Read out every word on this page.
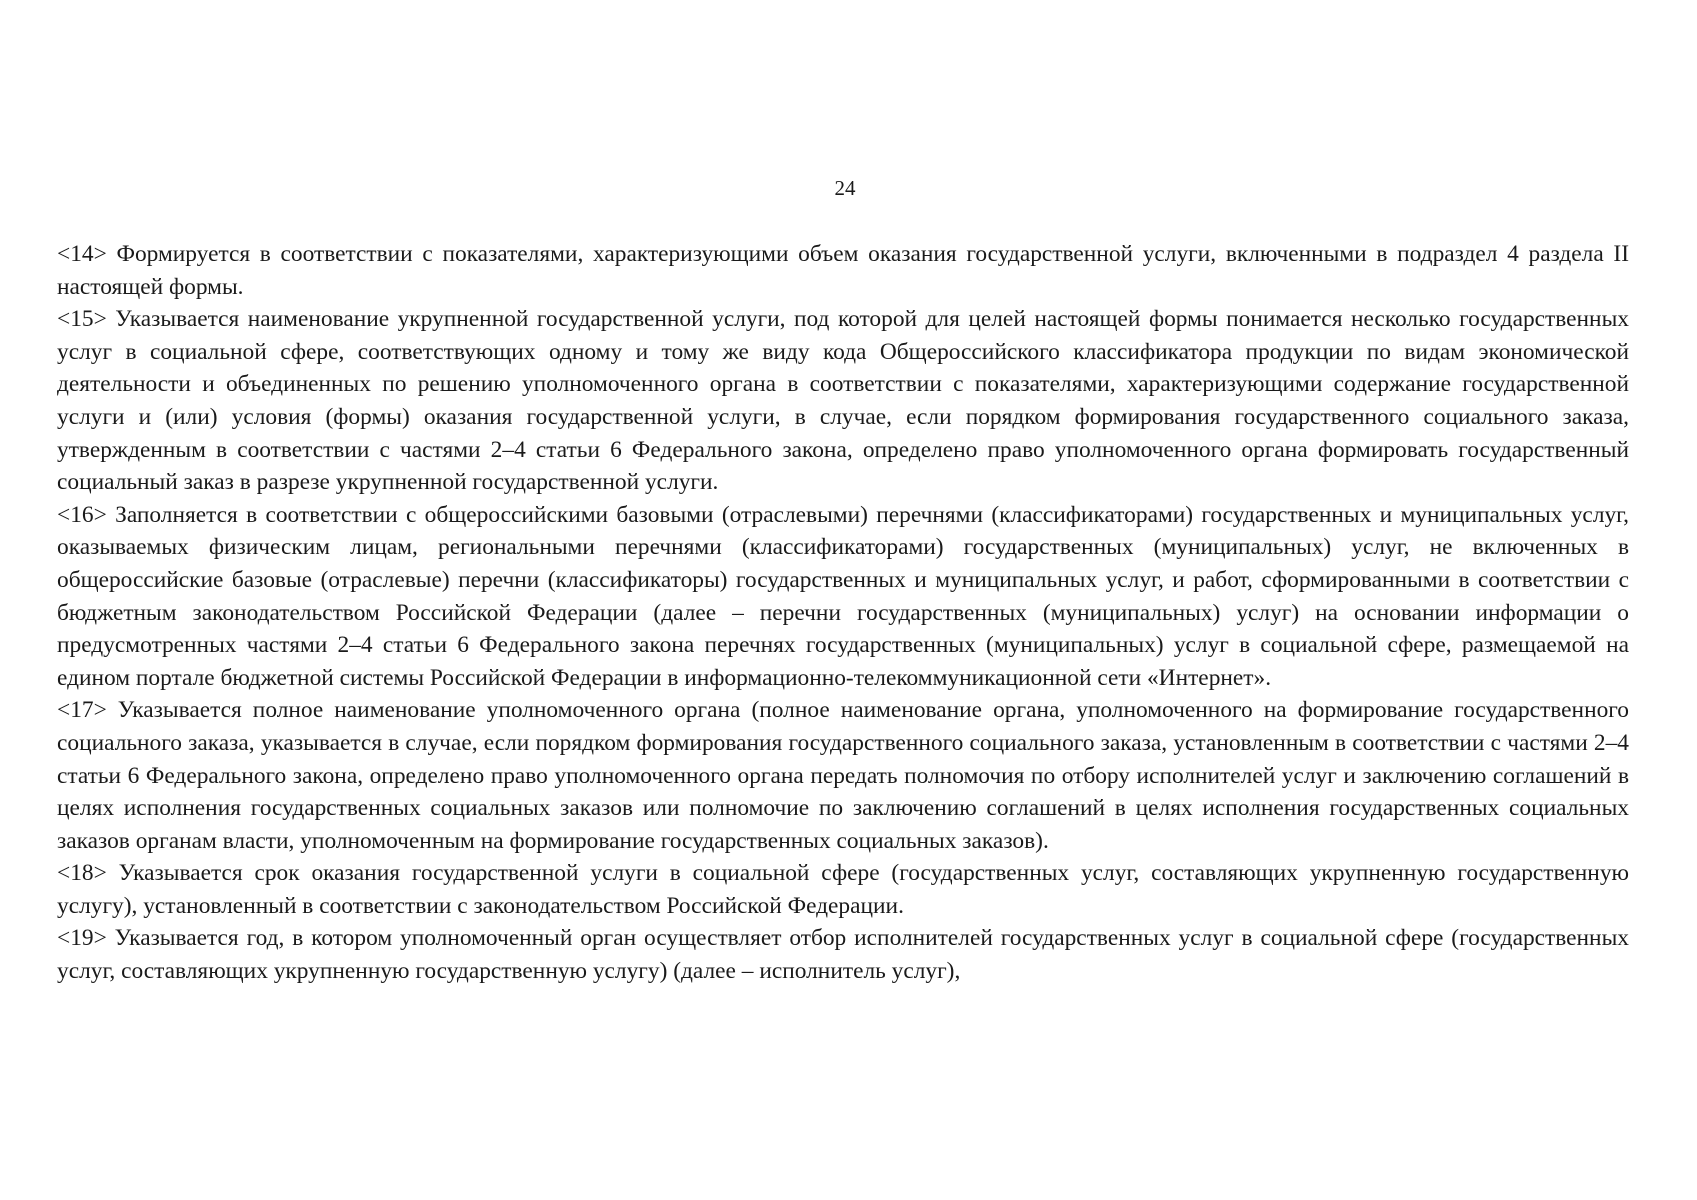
24

<14> Формируется в соответствии с показателями, характеризующими объем оказания государственной услуги, включенными в подраздел 4 раздела II настоящей формы.

<15> Указывается наименование укрупненной государственной услуги, под которой для целей настоящей формы понимается несколько государственных услуг в социальной сфере, соответствующих одному и тому же виду кода Общероссийского классификатора продукции по видам экономической деятельности и объединенных по решению уполномоченного органа в соответствии с показателями, характеризующими содержание государственной услуги и (или) условия (формы) оказания государственной услуги, в случае, если порядком формирования государственного социального заказа, утвержденным в соответствии с частями 2–4 статьи 6 Федерального закона, определено право уполномоченного органа формировать государственный социальный заказ в разрезе укрупненной государственной услуги.

<16> Заполняется в соответствии с общероссийскими базовыми (отраслевыми) перечнями (классификаторами) государственных и муниципальных услуг, оказываемых физическим лицам, региональными перечнями (классификаторами) государственных (муниципальных) услуг, не включенных в общероссийские базовые (отраслевые) перечни (классификаторы) государственных и муниципальных услуг, и работ, сформированными в соответствии с бюджетным законодательством Российской Федерации (далее – перечни государственных (муниципальных) услуг) на основании информации о предусмотренных частями 2–4 статьи 6 Федерального закона перечнях государственных (муниципальных) услуг в социальной сфере, размещаемой на едином портале бюджетной системы Российской Федерации в информационно-телекоммуникационной сети «Интернет».

<17> Указывается полное наименование уполномоченного органа (полное наименование органа, уполномоченного на формирование государственного социального заказа, указывается в случае, если порядком формирования государственного социального заказа, установленным в соответствии с частями 2–4 статьи 6 Федерального закона, определено право уполномоченного органа передать полномочия по отбору исполнителей услуг и заключению соглашений в целях исполнения государственных социальных заказов или полномочие по заключению соглашений в целях исполнения государственных социальных заказов органам власти, уполномоченным на формирование государственных социальных заказов).

<18> Указывается срок оказания государственной услуги в социальной сфере (государственных услуг, составляющих укрупненную государственную услугу), установленный в соответствии с законодательством Российской Федерации.

<19> Указывается год, в котором уполномоченный орган осуществляет отбор исполнителей государственных услуг в социальной сфере (государственных услуг, составляющих укрупненную государственную услугу) (далее – исполнитель услуг),
